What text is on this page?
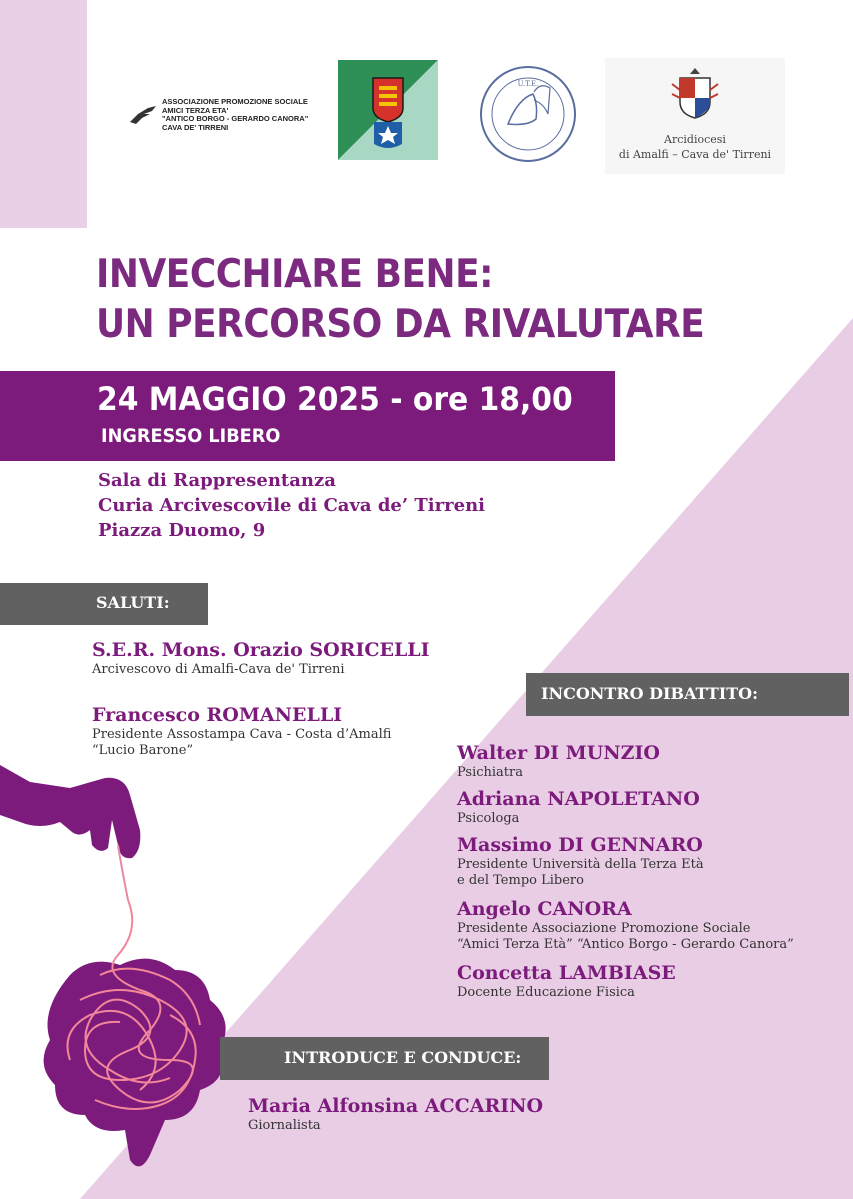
ASSOCIAZIONE PROMOZIONE SOCIALE
AMICI TERZA ETA'
"ANTICO BORGO - GERARDO CANORA"
CAVA DE' TIRRENI
U.T.E.
Arcidiocesi
di Amalfi – Cava de' Tirreni
INVECCHIARE BENE:
UN PERCORSO DA RIVALUTARE
24 MAGGIO 2025 - ore 18,00
INGRESSO LIBERO
Sala di Rappresentanza
Curia Arcivescovile di Cava de’ Tirreni
Piazza Duomo, 9
SALUTI:
S.E.R. Mons. Orazio SORICELLI
Arcivescovo di Amalfi-Cava de' Tirreni
Francesco ROMANELLI
Presidente Assostampa Cava - Costa d’Amalfi
“Lucio Barone”
INCONTRO DIBATTITO:
Walter DI MUNZIO
Psichiatra
Adriana NAPOLETANO
Psicologa
Massimo DI GENNARO
Presidente Università della Terza Età
e del Tempo Libero
Angelo CANORA
Presidente Associazione Promozione Sociale
“Amici Terza Età” “Antico Borgo - Gerardo Canora”
Concetta LAMBIASE
Docente Educazione Fisica
INTRODUCE E CONDUCE:
Maria Alfonsina ACCARINO
Giornalista
